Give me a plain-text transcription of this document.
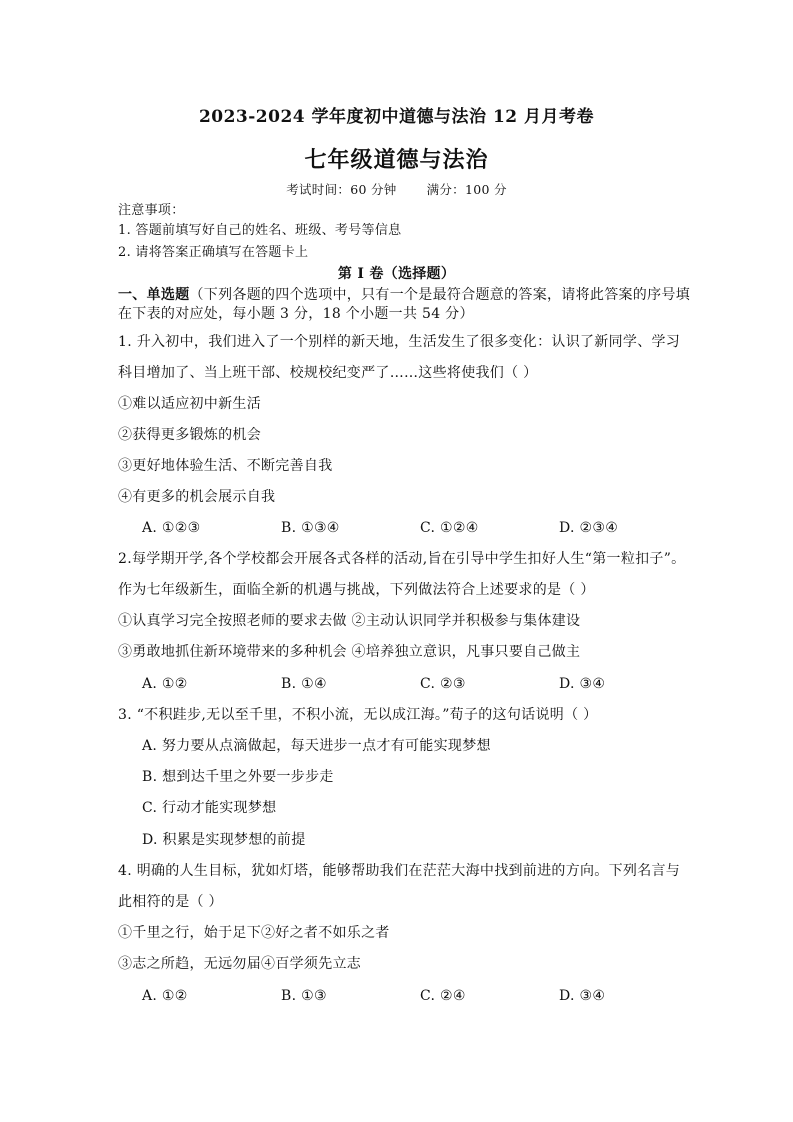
2023-2024 学年度初中道德与法治 12 月月考卷
七年级道德与法治
考试时间：60 分钟 满分：100 分
注意事项：
1. 答题前填写好自己的姓名、班级、考号等信息
2. 请将答案正确填写在答题卡上
第 I 卷（选择题）
一、单选题（下列各题的四个选项中，只有一个是最符合题意的答案，请将此答案的序号填
在下表的对应处，每小题 3 分，18 个小题一共 54 分）
1. 升入初中，我们进入了一个别样的新天地，生活发生了很多变化：认识了新同学、学习
科目增加了、当上班干部、校规校纪变严了……这些将使我们（ ）
①难以适应初中新生活
②获得更多锻炼的机会
③更好地体验生活、不断完善自我
④有更多的机会展示自我
A. ①②③	B. ①③④	C. ①②④	D. ②③④
2.每学期开学,各个学校都会开展各式各样的活动,旨在引导中学生扣好人生“第一粒扣子”。
作为七年级新生，面临全新的机遇与挑战，下列做法符合上述要求的是（ ）
①认真学习完全按照老师的要求去做 ②主动认识同学并积极参与集体建设
③勇敢地抓住新环境带来的多种机会 ④培养独立意识，凡事只要自己做主
A. ①②	B. ①④	C. ②③	D. ③④
3. “不积跬步,无以至千里，不积小流，无以成江海。”荀子的这句话说明（ ）
A. 努力要从点滴做起，每天进步一点才有可能实现梦想
B. 想到达千里之外要一步步走
C. 行动才能实现梦想
D. 积累是实现梦想的前提
4. 明确的人生目标，犹如灯塔，能够帮助我们在茫茫大海中找到前进的方向。下列名言与
此相符的是（ ）
①千里之行，始于足下②好之者不如乐之者
③志之所趋，无远勿届④百学须先立志
A. ①②	B. ①③	C. ②④	D. ③④
